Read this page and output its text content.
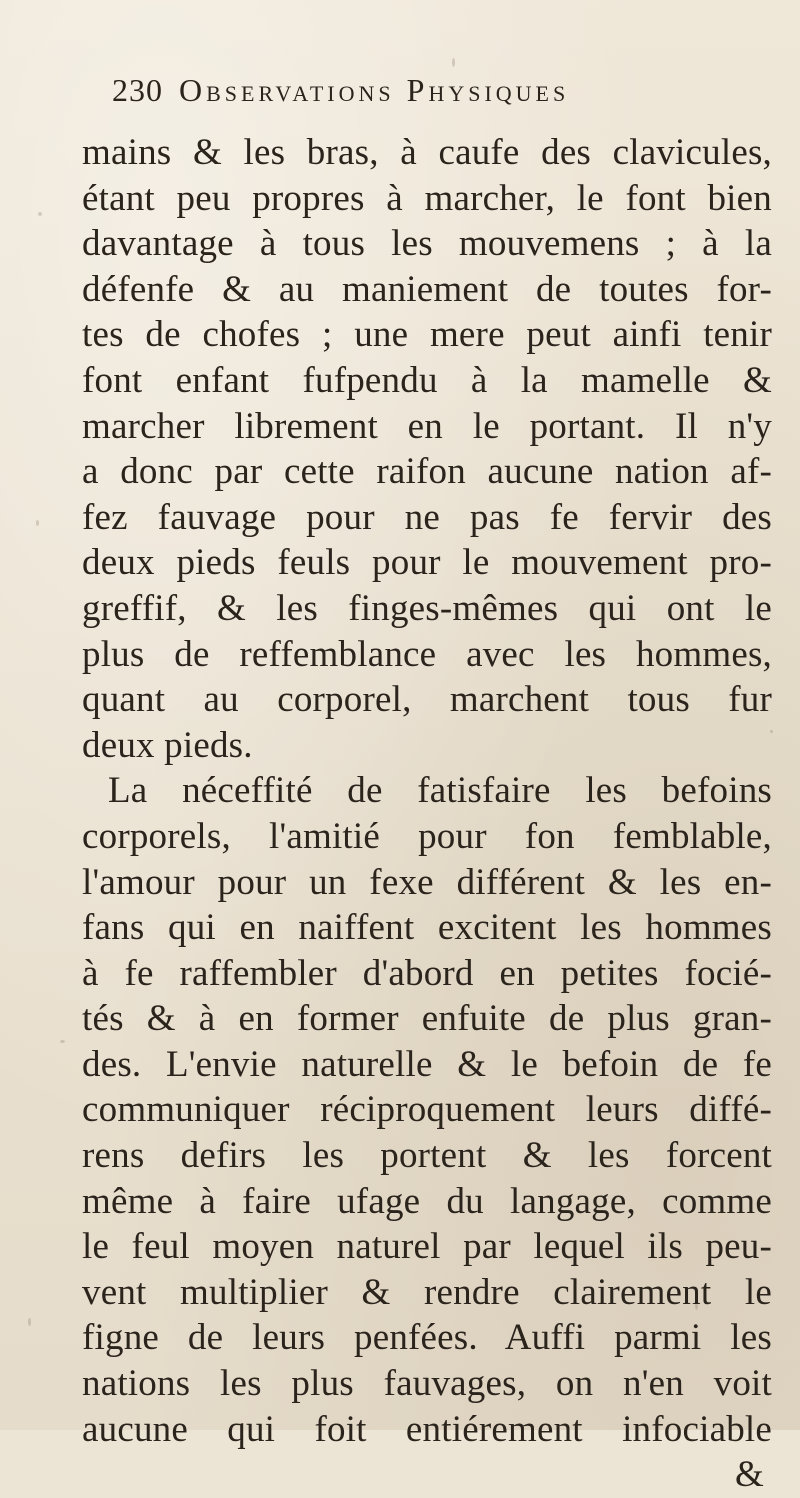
230 Observations Physiques
mains & les bras, à caufe des clavicules,
étant peu propres à marcher, le font bien
davantage à tous les mouvemens ; à la
défenfe & au maniement de toutes for-
tes de chofes ; une mere peut ainfi tenir
font enfant fufpendu à la mamelle &
marcher librement en le portant. Il n'y
a donc par cette raifon aucune nation af-
fez fauvage pour ne pas fe fervir des
deux pieds feuls pour le mouvement pro-
greffif, & les finges-mêmes qui ont le
plus de reffemblance avec les hommes,
quant au corporel, marchent tous fur
deux pieds.
La néceffité de fatisfaire les befoins
corporels, l'amitié pour fon femblable,
l'amour pour un fexe différent & les en-
fans qui en naiffent excitent les hommes
à fe raffembler d'abord en petites focié-
tés & à en former enfuite de plus gran-
des. L'envie naturelle & le befoin de fe
communiquer réciproquement leurs diffé-
rens defirs les portent & les forcent
même à faire ufage du langage, comme
le feul moyen naturel par lequel ils peu-
vent multiplier & rendre clairement le
figne de leurs penfées. Auffi parmi les
nations les plus fauvages, on n'en voit
aucune qui foit entiérement infociable
&
